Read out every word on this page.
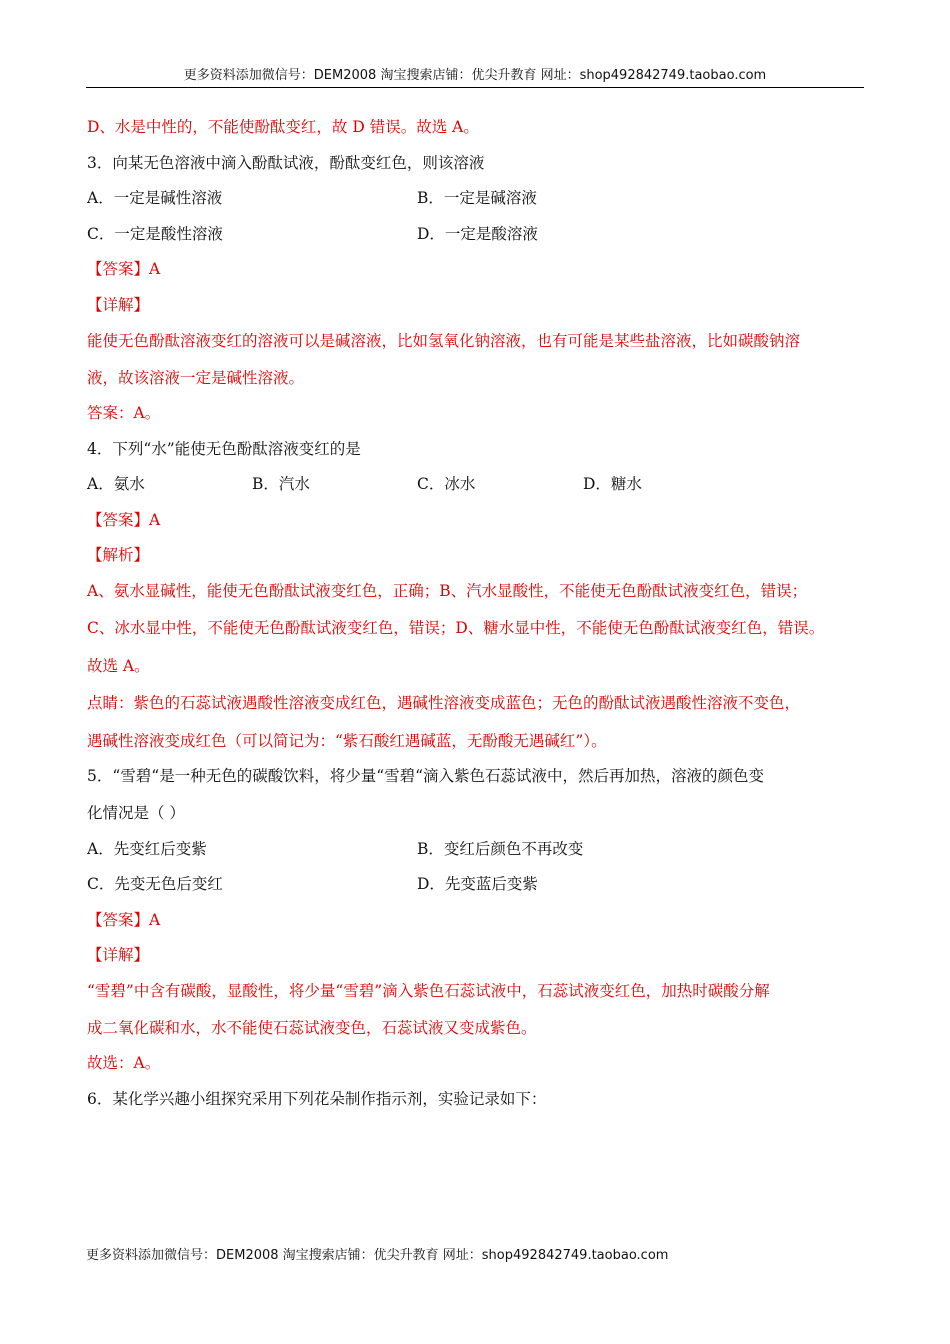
更多资料添加微信号：DEM2008 淘宝搜索店铺：优尖升教育 网址：shop492842749.taobao.com
D、水是中性的，不能使酚酞变红，故 D 错误。故选 A。
3．向某无色溶液中滴入酚酞试液，酚酞变红色，则该溶液
A．一定是碱性溶液	B．一定是碱溶液
C．一定是酸性溶液	D．一定是酸溶液
【答案】A
【详解】
能使无色酚酞溶液变红的溶液可以是碱溶液，比如氢氧化钠溶液，也有可能是某些盐溶液，比如碳酸钠溶
液，故该溶液一定是碱性溶液。
答案：A。
4．下列“水”能使无色酚酞溶液变红的是
A．氨水	B．汽水	C．冰水	D．糖水
【答案】A
【解析】
A、氨水显碱性，能使无色酚酞试液变红色，正确；B、汽水显酸性，不能使无色酚酞试液变红色，错误；
C、冰水显中性，不能使无色酚酞试液变红色，错误；D、糖水显中性，不能使无色酚酞试液变红色，错误。
故选 A。
点睛：紫色的石蕊试液遇酸性溶液变成红色，遇碱性溶液变成蓝色；无色的酚酞试液遇酸性溶液不变色，
遇碱性溶液变成红色（可以简记为：“紫石酸红遇碱蓝，无酚酸无遇碱红”）。
5．“雪碧“是一种无色的碳酸饮料，将少量“雪碧“滴入紫色石蕊试液中，然后再加热，溶液的颜色变
化情况是（ ）
A．先变红后变紫	B．变红后颜色不再改变
C．先变无色后变红	D．先变蓝后变紫
【答案】A
【详解】
“雪碧”中含有碳酸，显酸性，将少量“雪碧”滴入紫色石蕊试液中，石蕊试液变红色，加热时碳酸分解
成二氧化碳和水，水不能使石蕊试液变色，石蕊试液又变成紫色。
故选：A。
6．某化学兴趣小组探究采用下列花朵制作指示剂，实验记录如下：
更多资料添加微信号：DEM2008 淘宝搜索店铺：优尖升教育 网址：shop492842749.taobao.com
